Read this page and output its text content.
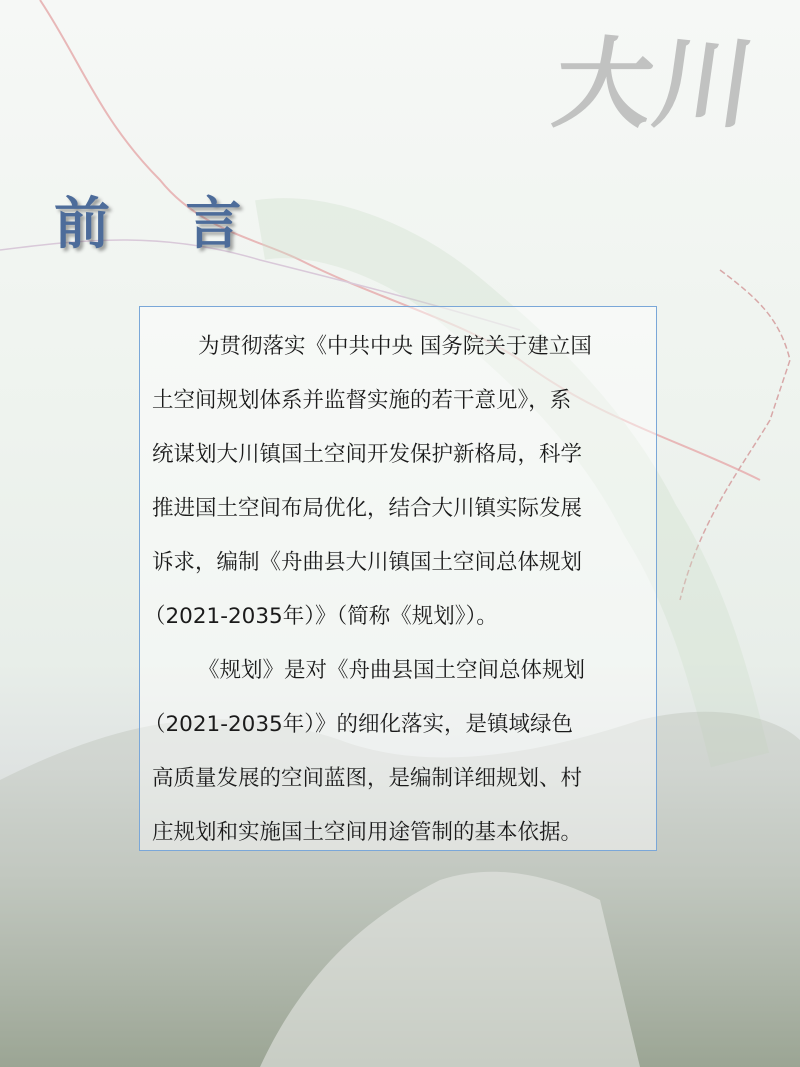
大川
前 言
为贯彻落实《中共中央 国务院关于建立国
土空间规划体系并监督实施的若干意见》，系
统谋划大川镇国土空间开发保护新格局，科学
推进国土空间布局优化，结合大川镇实际发展
诉求，编制《舟曲县大川镇国土空间总体规划
（2021-2035年）》（简称《规划》）。
《规划》是对《舟曲县国土空间总体规划
（2021-2035年）》的细化落实，是镇域绿色
高质量发展的空间蓝图，是编制详细规划、村
庄规划和实施国土空间用途管制的基本依据。
